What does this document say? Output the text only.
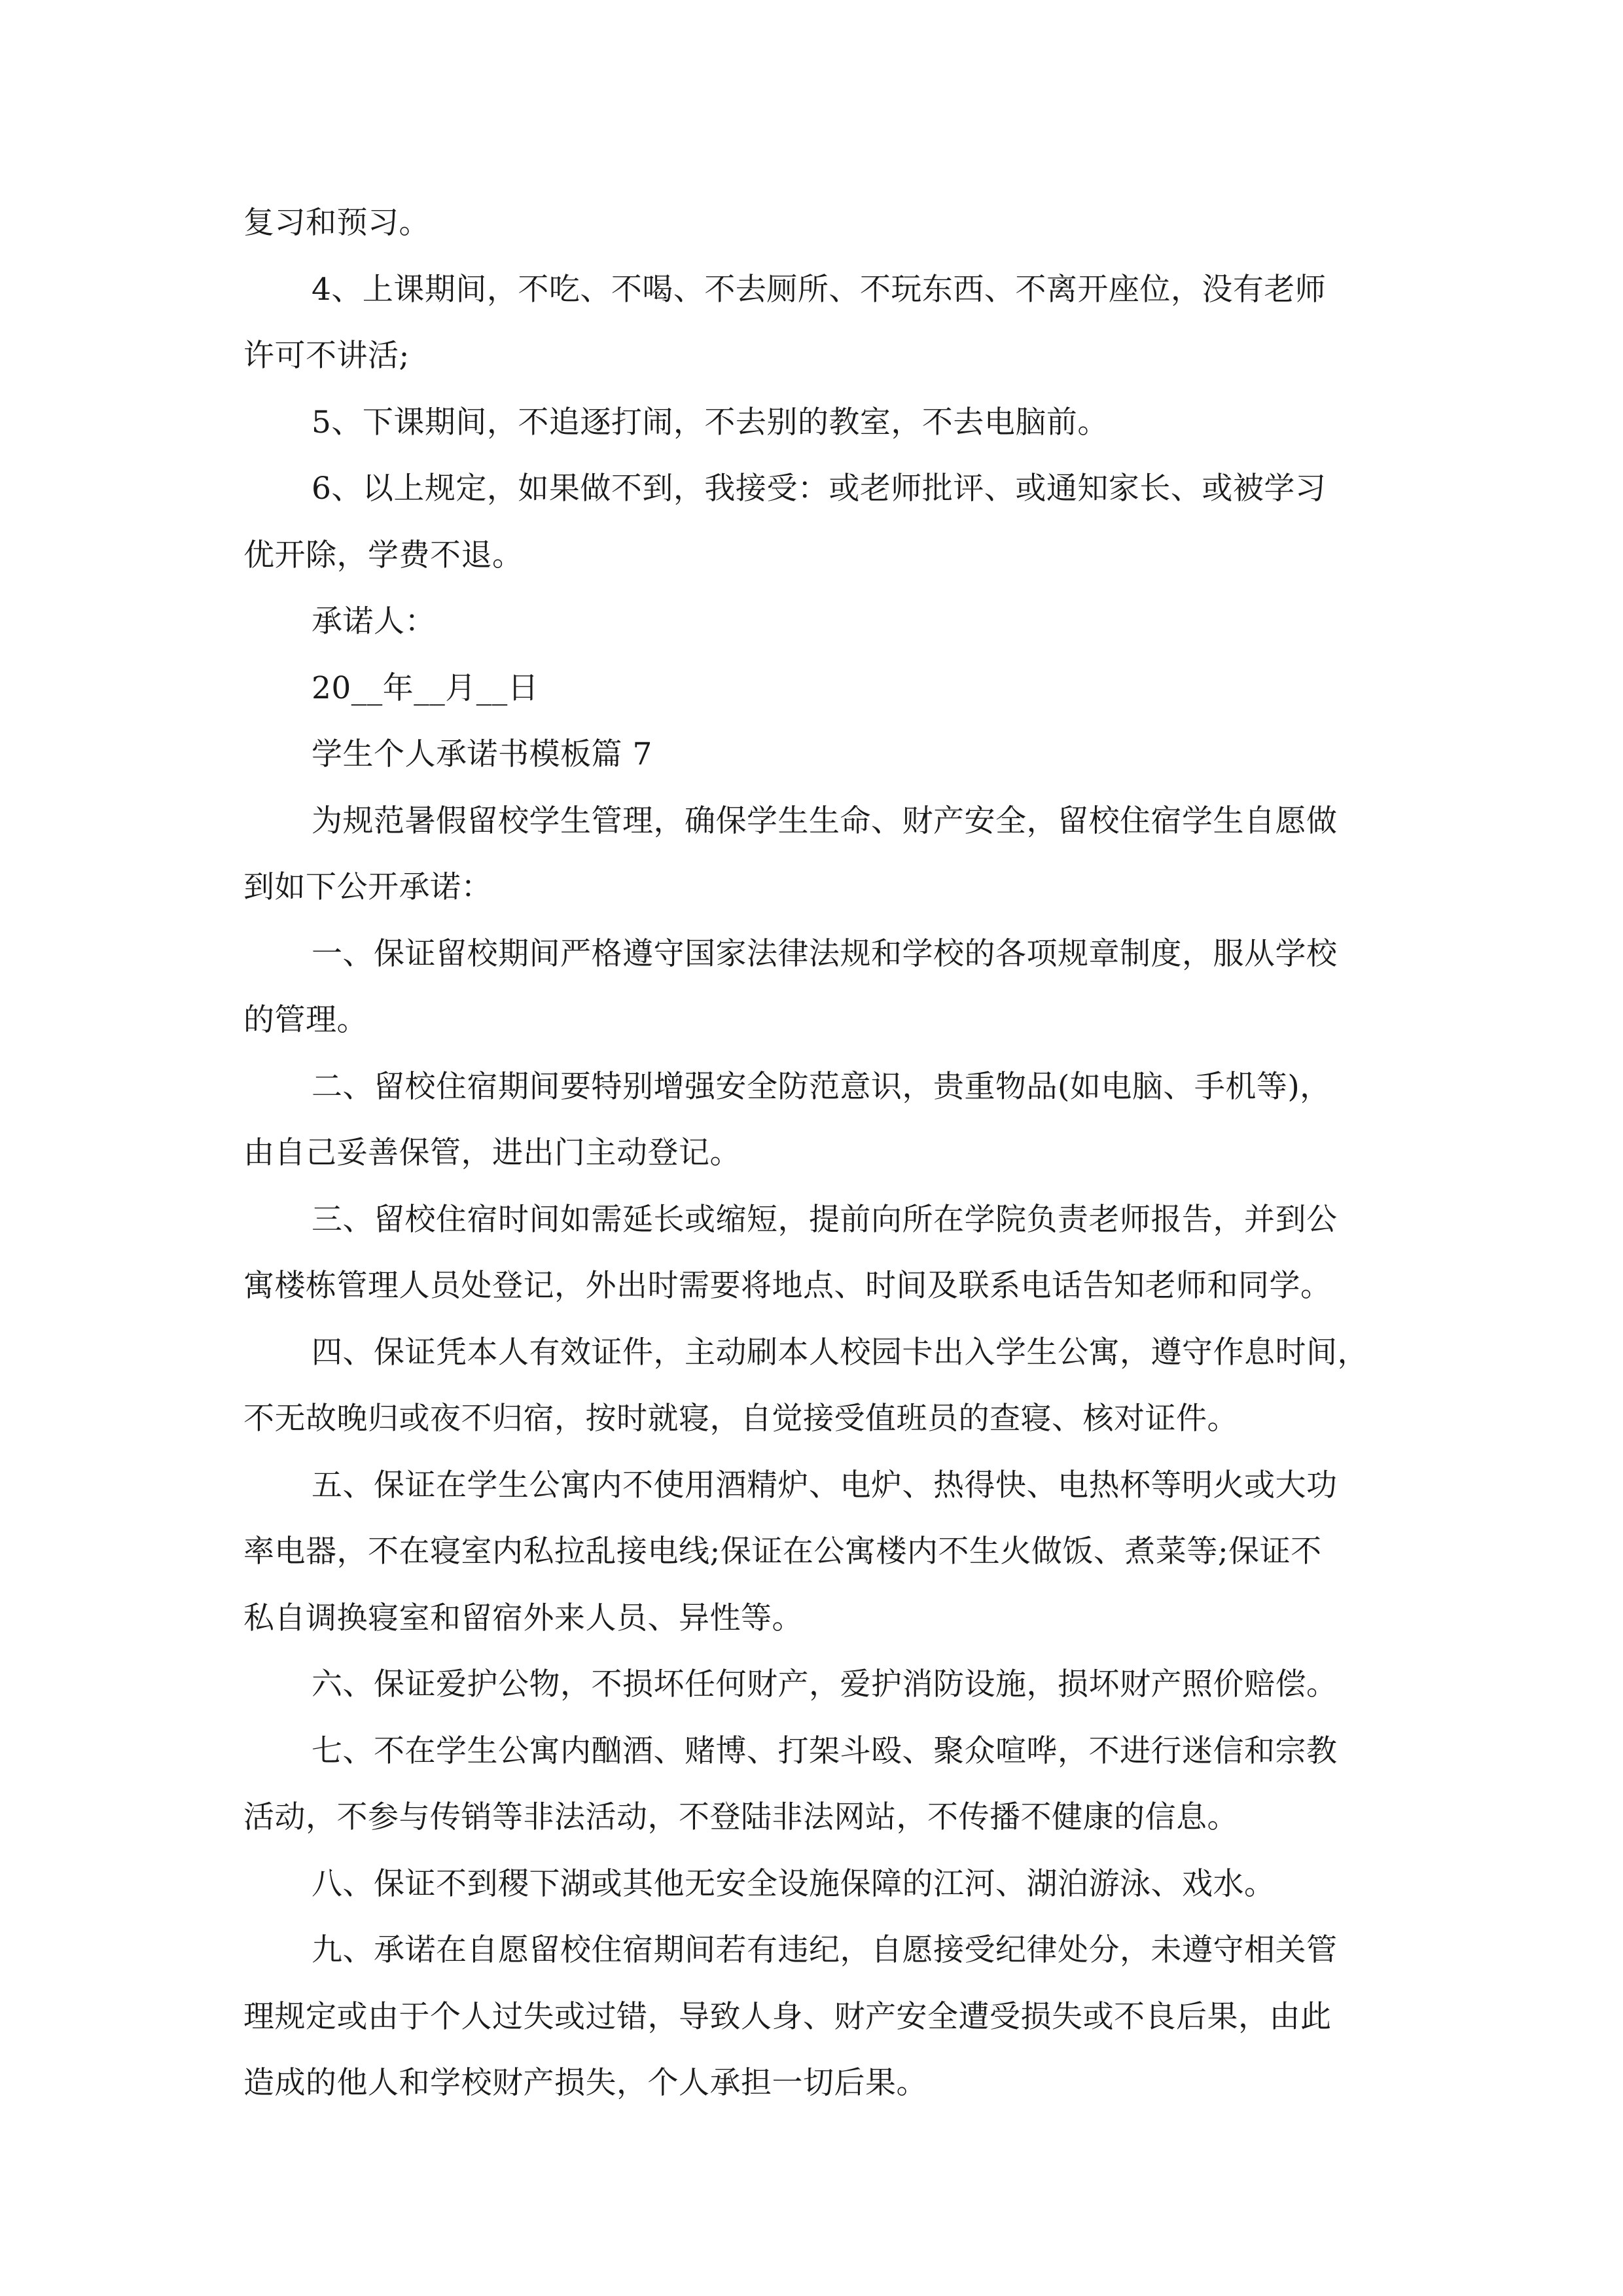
复习和预习。
4、上课期间，不吃、不喝、不去厕所、不玩东西、不离开座位，没有老师
许可不讲活;
5、下课期间，不追逐打闹，不去别的教室，不去电脑前。
6、以上规定，如果做不到，我接受：或老师批评、或通知家长、或被学习
优开除，学费不退。
承诺人：
20__年__月__日
学生个人承诺书模板篇 7
为规范暑假留校学生管理，确保学生生命、财产安全，留校住宿学生自愿做
到如下公开承诺：
一、保证留校期间严格遵守国家法律法规和学校的各项规章制度，服从学校
的管理。
二、留校住宿期间要特别增强安全防范意识，贵重物品(如电脑、手机等)，
由自己妥善保管，进出门主动登记。
三、留校住宿时间如需延长或缩短，提前向所在学院负责老师报告，并到公
寓楼栋管理人员处登记，外出时需要将地点、时间及联系电话告知老师和同学。
四、保证凭本人有效证件，主动刷本人校园卡出入学生公寓，遵守作息时间，
不无故晚归或夜不归宿，按时就寝，自觉接受值班员的查寝、核对证件。
五、保证在学生公寓内不使用酒精炉、电炉、热得快、电热杯等明火或大功
率电器，不在寝室内私拉乱接电线;保证在公寓楼内不生火做饭、煮菜等;保证不
私自调换寝室和留宿外来人员、异性等。
六、保证爱护公物，不损坏任何财产，爱护消防设施，损坏财产照价赔偿。
七、不在学生公寓内酗酒、赌博、打架斗殴、聚众喧哗，不进行迷信和宗教
活动，不参与传销等非法活动，不登陆非法网站，不传播不健康的信息。
八、保证不到稷下湖或其他无安全设施保障的江河、湖泊游泳、戏水。
九、承诺在自愿留校住宿期间若有违纪，自愿接受纪律处分，未遵守相关管
理规定或由于个人过失或过错，导致人身、财产安全遭受损失或不良后果，由此
造成的他人和学校财产损失，个人承担一切后果。
